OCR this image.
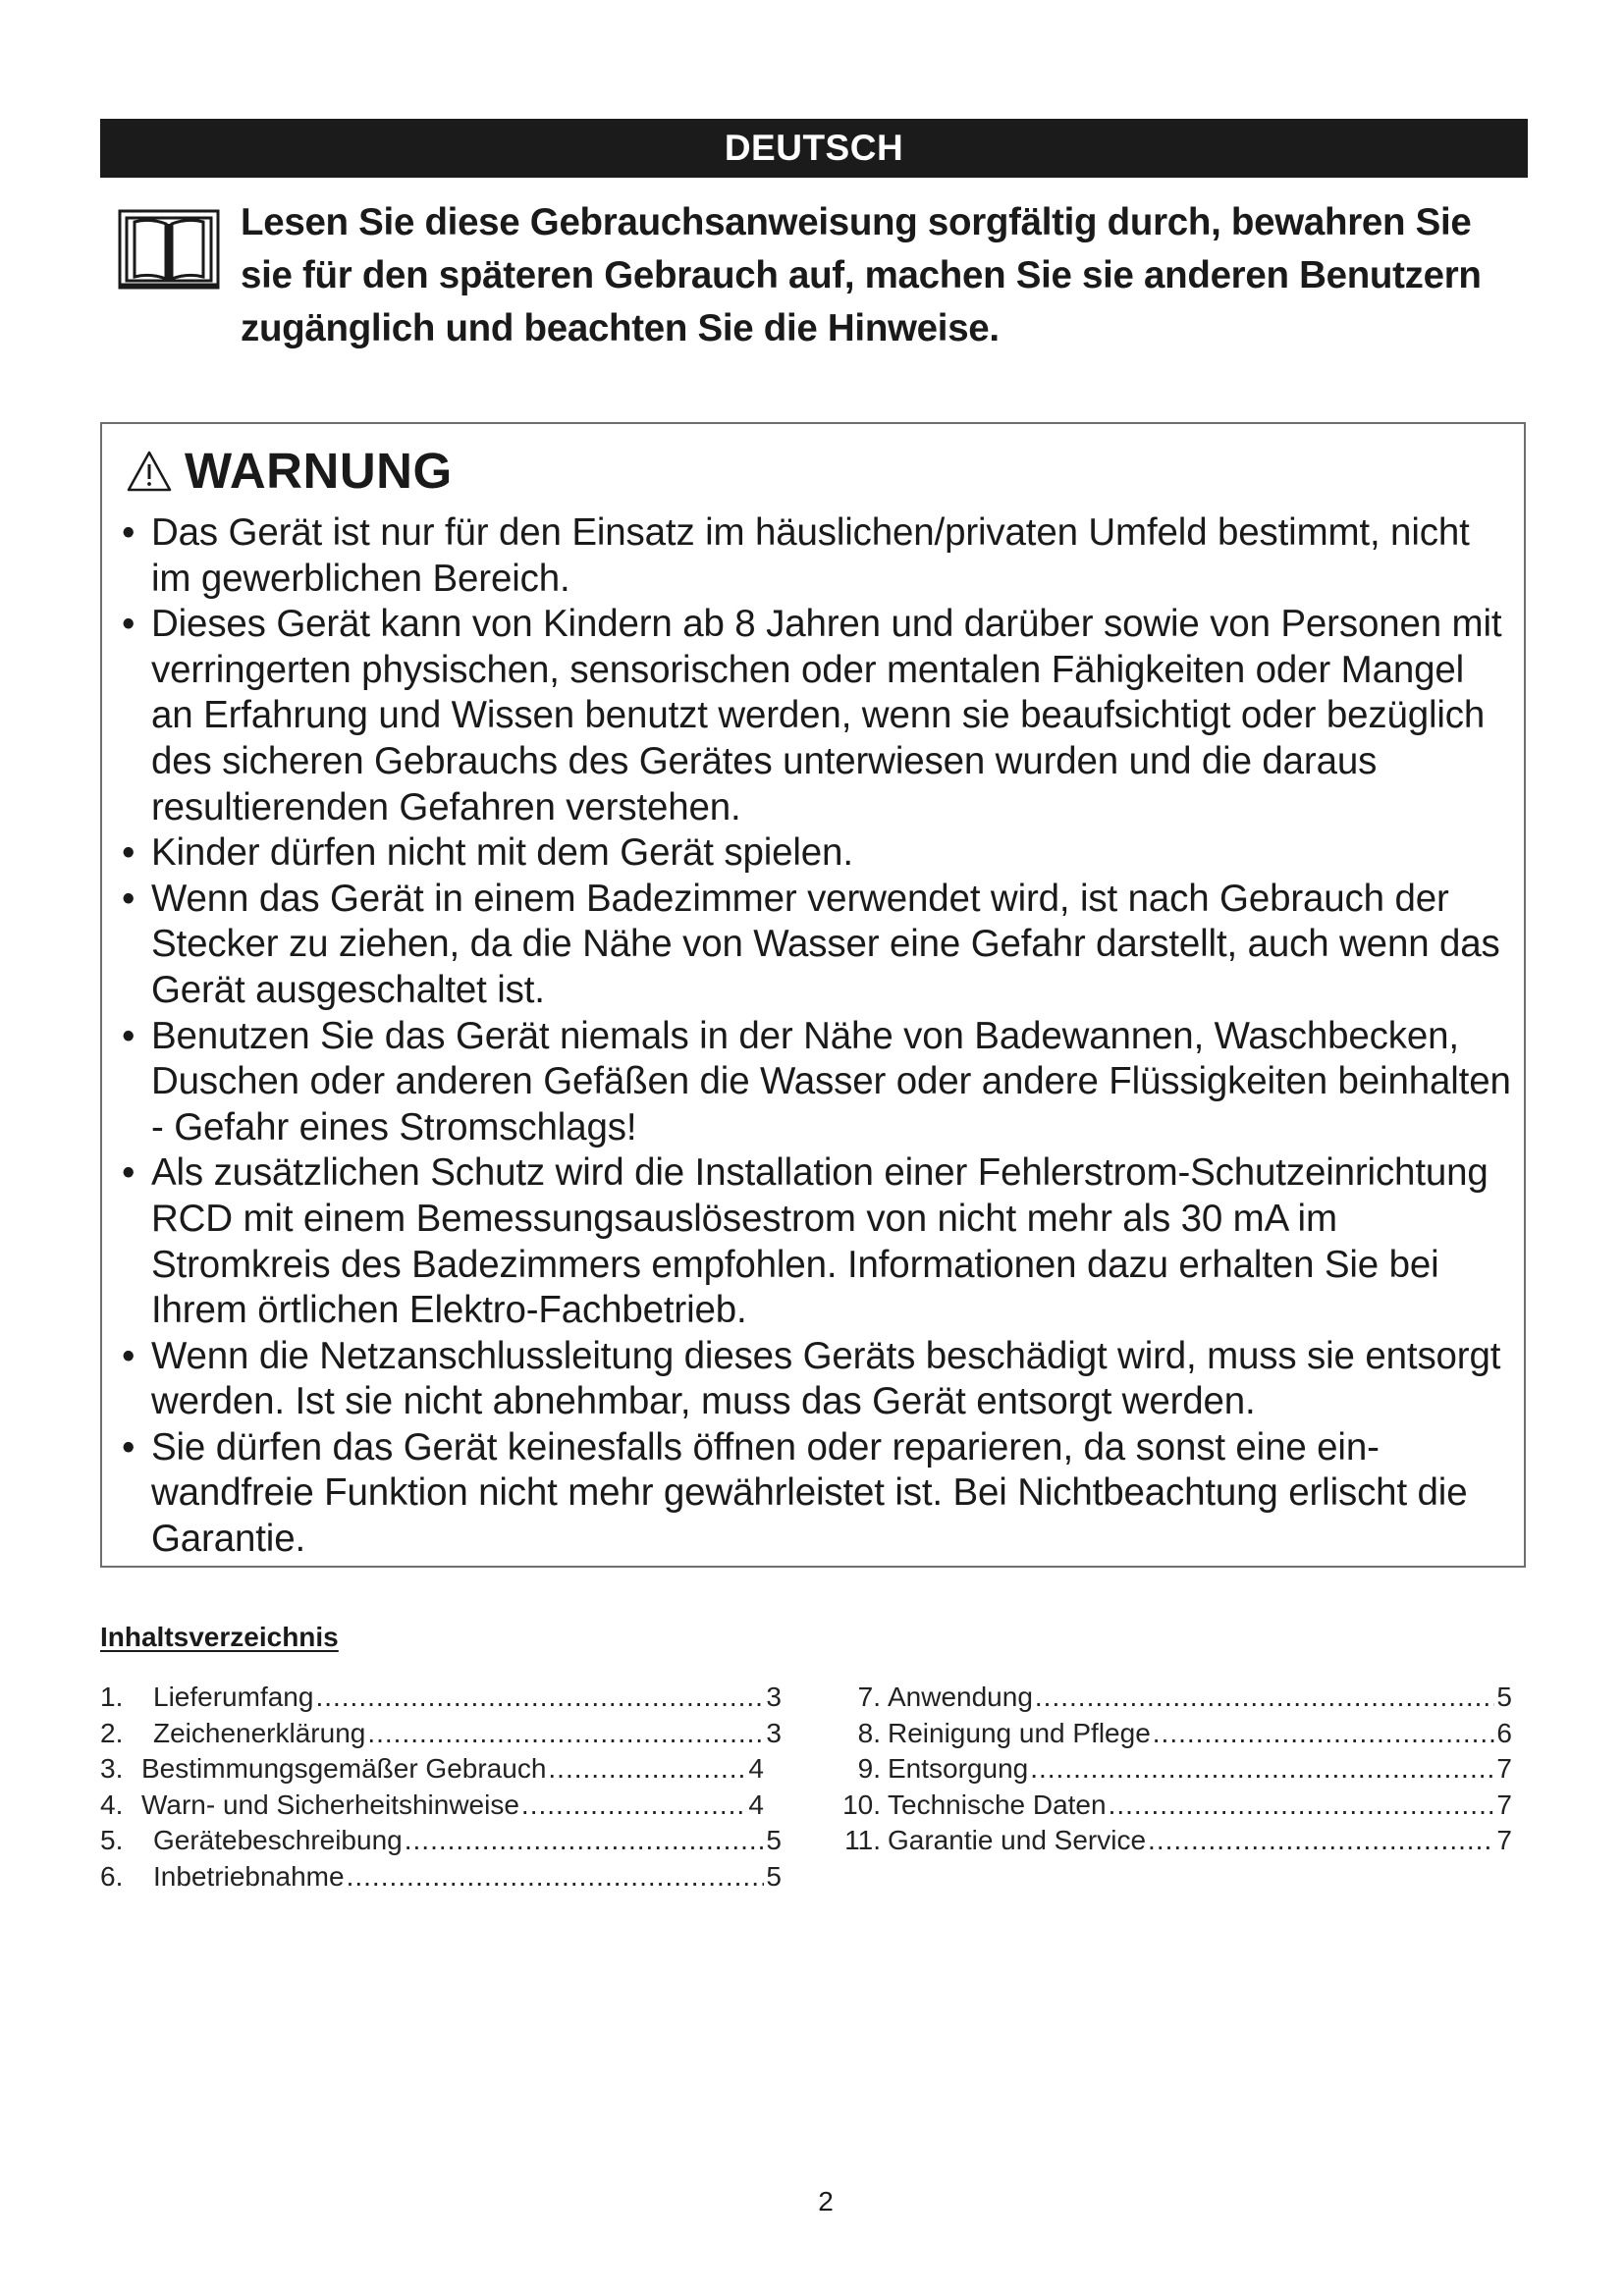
DEUTSCH

Lesen Sie diese Gebrauchsanweisung sorgfältig durch, bewahren Sie sie für den späteren Gebrauch auf, machen Sie sie anderen Benutzern zugänglich und beachten Sie die Hinweise.

WARNUNG
• Das Gerät ist nur für den Einsatz im häuslichen/privaten Umfeld bestimmt, nicht im gewerblichen Bereich.
• Dieses Gerät kann von Kindern ab 8 Jahren und darüber sowie von Personen mit verringerten physischen, sensorischen oder mentalen Fähigkeiten oder Mangel an Erfahrung und Wissen benutzt werden, wenn sie beaufsichtigt oder bezüglich des sicheren Gebrauchs des Gerätes unterwiesen wurden und die daraus resultierenden Gefahren verstehen.
• Kinder dürfen nicht mit dem Gerät spielen.
• Wenn das Gerät in einem Badezimmer verwendet wird, ist nach Gebrauch der Stecker zu ziehen, da die Nähe von Wasser eine Gefahr darstellt, auch wenn das Gerät ausgeschaltet ist.
• Benutzen Sie das Gerät niemals in der Nähe von Badewannen, Waschbecken, Duschen oder anderen Gefäßen die Wasser oder andere Flüssigkeiten beinhalten - Gefahr eines Stromschlags!
• Als zusätzlichen Schutz wird die Installation einer Fehlerstrom-Schutzeinrichtung RCD mit einem Bemessungsauslösestrom von nicht mehr als 30 mA im Stromkreis des Badezimmers empfohlen. Informationen dazu erhalten Sie bei Ihrem örtlichen Elektro-Fachbetrieb.
• Wenn die Netzanschlussleitung dieses Geräts beschädigt wird, muss sie entsorgt werden. Ist sie nicht abnehmbar, muss das Gerät entsorgt werden.
• Sie dürfen das Gerät keinesfalls öffnen oder reparieren, da sonst eine einwandfreie Funktion nicht mehr gewährleistet ist. Bei Nichtbeachtung erlischt die Garantie.
Inhaltsverzeichnis
1.	Lieferumfang .....	3
2.	Zeichenerklärung .....	3
3. Bestimmungsgemäßer Gebrauch .....	4
4. Warn- und Sicherheitshinweise .....	4
5.	Gerätebeschreibung .....	5
6.	Inbetriebnahme .....	5
7. Anwendung .....	5
8. Reinigung und Pflege .....	6
9. Entsorgung .....	7
10. Technische Daten .....	7
11. Garantie und Service .....	7
2
